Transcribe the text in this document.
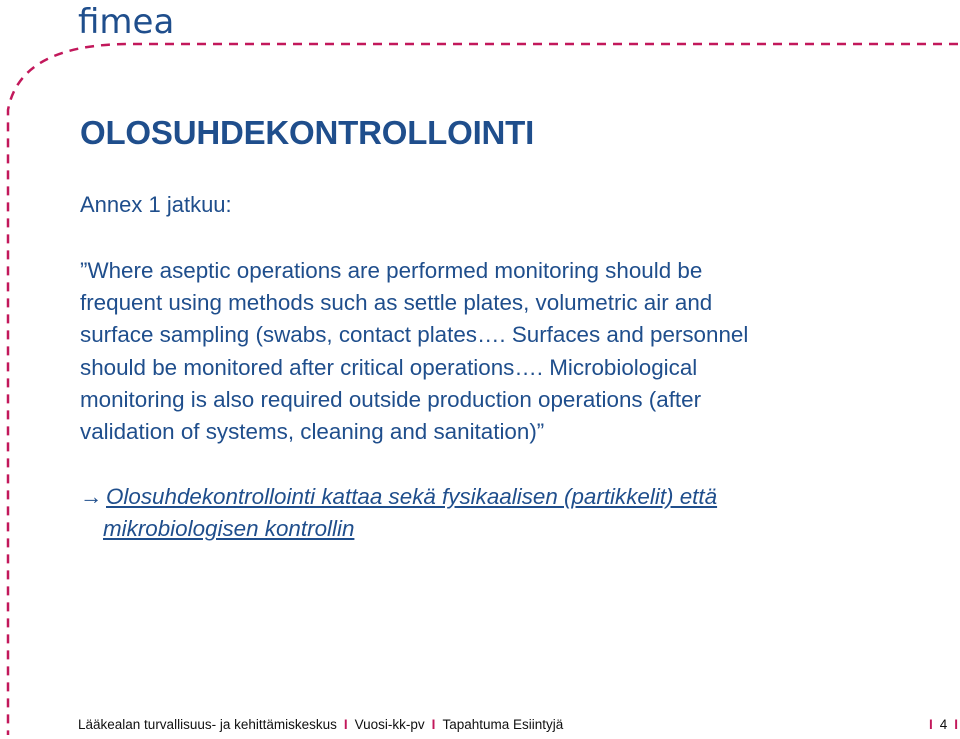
fimea
OLOSUHDEKONTROLLOINTI
Annex 1 jatkuu:
”Where aseptic operations are performed monitoring should be
frequent using methods such as settle plates, volumetric air and
surface sampling (swabs, contact plates…. Surfaces and personnel
should be monitored after critical operations…. Microbiological
monitoring is also required outside production operations (after
validation of systems, cleaning and sanitation)”
→ Olosuhdekontrollointi kattaa sekä fysikaalisen (partikkelit) että
mikrobiologisen kontrollin
Lääkealan turvallisuus- ja kehittämiskeskus I Vuosi-kk-pv I Tapahtuma Esiintyjä	I 4 I
